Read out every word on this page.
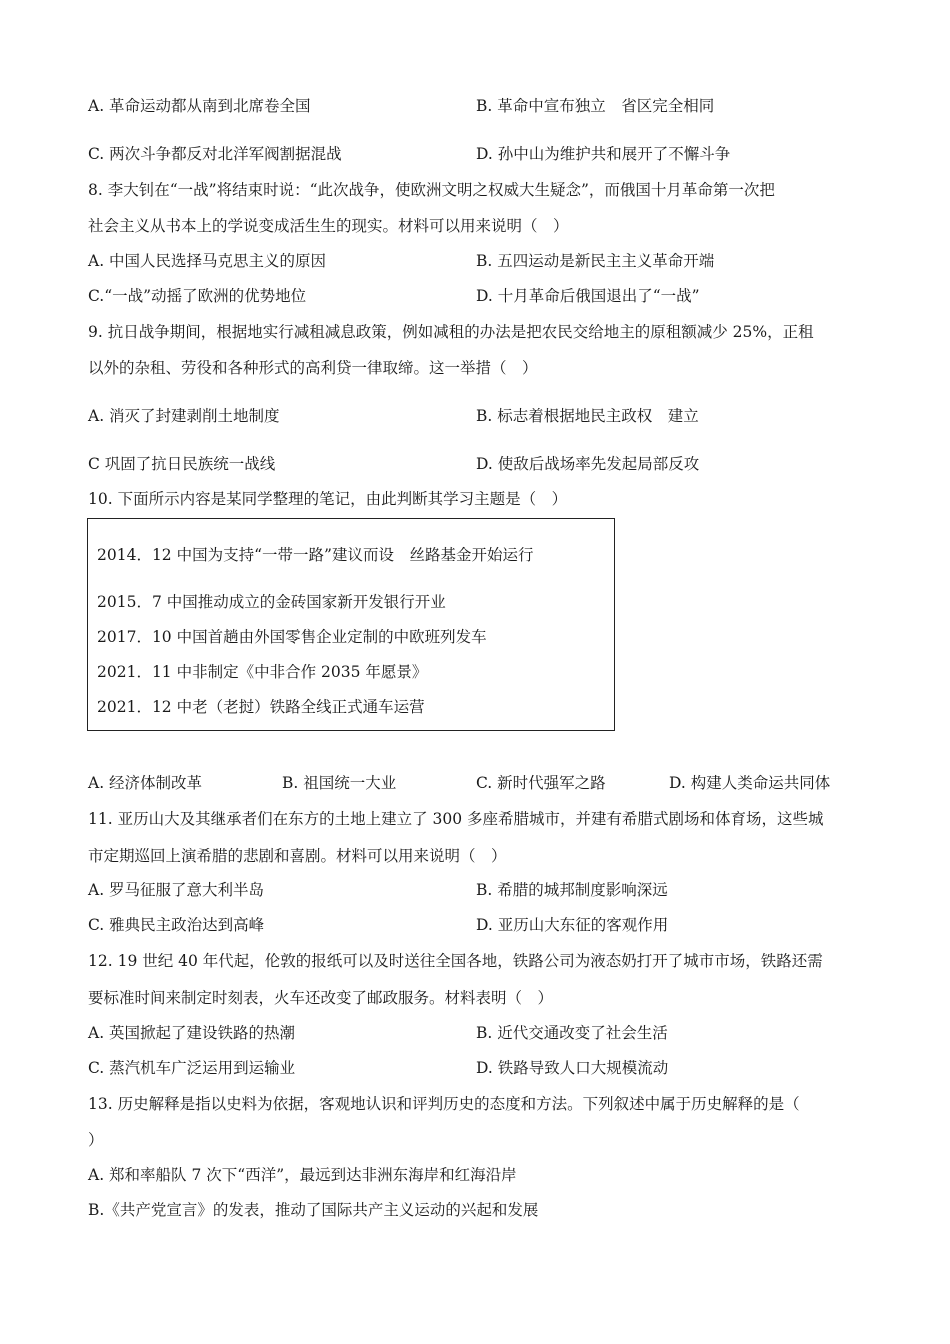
A. 革命运动都从南到北席卷全国	B. 革命中宣布独立　省区完全相同
C. 两次斗争都反对北洋军阀割据混战	D. 孙中山为维护共和展开了不懈斗争
8. 李大钊在“一战”将结束时说：“此次战争，使欧洲文明之权威大生疑念”，而俄国十月革命第一次把
社会主义从书本上的学说变成活生生的现实。材料可以用来说明（　）
A. 中国人民选择马克思主义的原因	B. 五四运动是新民主主义革命开端
C.“一战”动摇了欧洲的优势地位	D. 十月革命后俄国退出了“一战”
9. 抗日战争期间，根据地实行减租减息政策，例如减租的办法是把农民交给地主的原租额减少 25%，正租
以外的杂租、劳役和各种形式的高利贷一律取缔。这一举措（　）
A. 消灭了封建剥削土地制度	B. 标志着根据地民主政权　建立
C 巩固了抗日民族统一战线	D. 使敌后战场率先发起局部反攻
10. 下面所示内容是某同学整理的笔记，由此判断其学习主题是（　）
2014．12 中国为支持“一带一路”建议而设　丝路基金开始运行
2015．7 中国推动成立的金砖国家新开发银行开业
2017．10 中国首趟由外国零售企业定制的中欧班列发车
2021．11 中非制定《中非合作 2035 年愿景》
2021．12 中老（老挝）铁路全线正式通车运营
A. 经济体制改革	B. 祖国统一大业	C. 新时代强军之路	D. 构建人类命运共同体
11. 亚历山大及其继承者们在东方的土地上建立了 300 多座希腊城市，并建有希腊式剧场和体育场，这些城
市定期巡回上演希腊的悲剧和喜剧。材料可以用来说明（　）
A. 罗马征服了意大利半岛	B. 希腊的城邦制度影响深远
C. 雅典民主政治达到高峰	D. 亚历山大东征的客观作用
12. 19 世纪 40 年代起，伦敦的报纸可以及时送往全国各地，铁路公司为液态奶打开了城市市场，铁路还需
要标准时间来制定时刻表，火车还改变了邮政服务。材料表明（　）
A. 英国掀起了建设铁路的热潮	B. 近代交通改变了社会生活
C. 蒸汽机车广泛运用到运输业	D. 铁路导致人口大规模流动
13. 历史解释是指以史料为依据，客观地认识和评判历史的态度和方法。下列叙述中属于历史解释的是（
）
A. 郑和率船队 7 次下“西洋”，最远到达非洲东海岸和红海沿岸
B.《共产党宣言》的发表，推动了国际共产主义运动的兴起和发展
